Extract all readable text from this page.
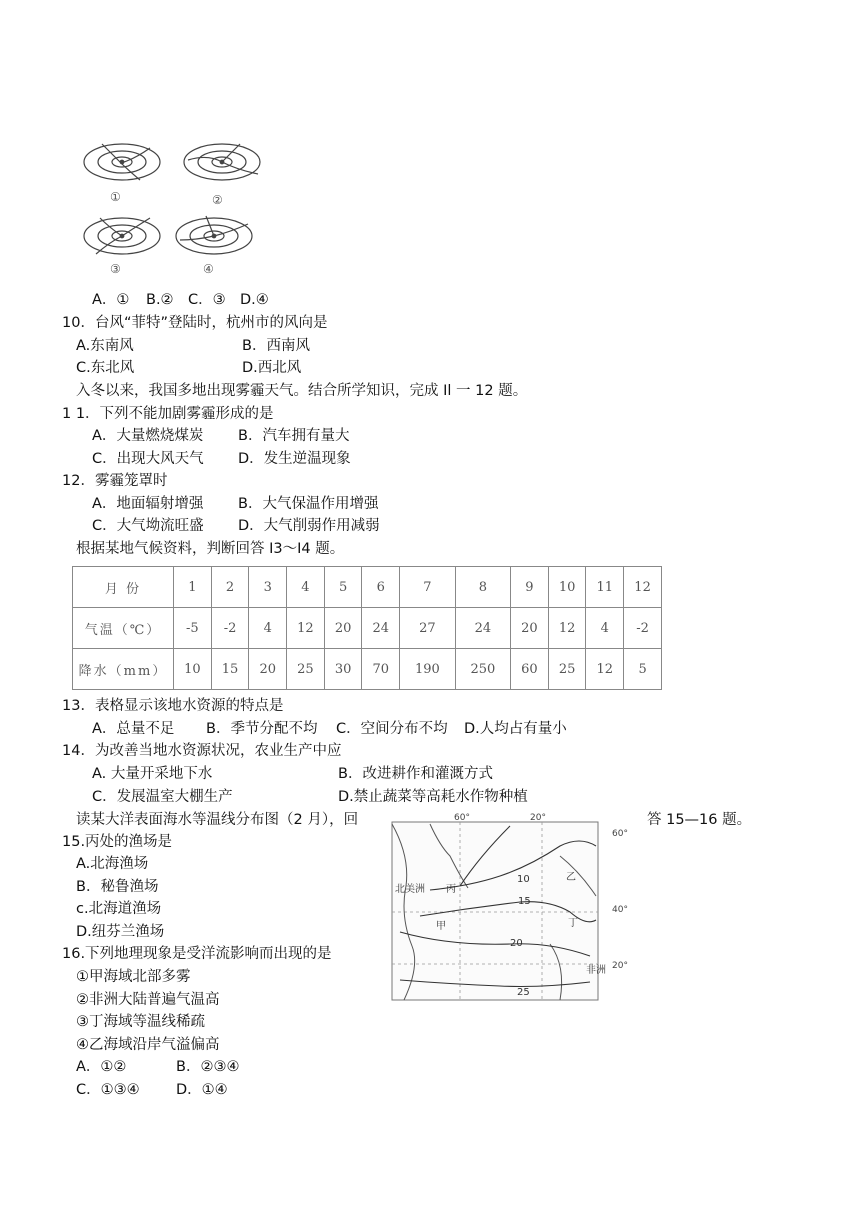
①	②
③	④
A．① B.② C．③ D.④
10．台风“菲特”登陆时，杭州市的风向是
A.东南风	B．西南风
C.东北风	D.西北风
入冬以来，我国多地出现雾霾天气。结合所学知识，完成 Il 一 12 题。
1 1．下列不能加剧雾霾形成的是
A．大量燃烧煤炭 B．汽车拥有量大
C．出现大风天气 D．发生逆温现象
12．雾霾笼罩时
A．地面辐射增强 B．大气保温作用增强
C．大气坳流旺盛 D．大气削弱作用减弱
根据某地气候资料，判断回答 I3～I4 题。
月 份	1	2	3	4	5	6	7	8	9	10	11	12
气温（℃）	-5	-2	4	12	20	24	27	24	20	12	4	-2
降水（mm）	10	15	20	25	30	70	190	250	60	25	12	5
13．表格显示该地水资源的特点是
A．总量不足 B．季节分配不均 C．空间分布不均 D.人均占有量小
14．为改善当地水资源状况，农业生产中应
A. 大量开采地下水	B．改进耕作和灌溉方式
C．发展温室大棚生产	D.禁止蔬菜等高耗水作物种植
读某大洋表面海水等温线分布图（2 月），回	答 15—16 题。
60°	20°
60°
40°
20°
10
15
20
25
北美洲 丙
甲
乙
丁
非洲
15.丙处的渔场是
A.北海渔场
B．秘鲁渔场
c.北海道渔场
D.纽芬兰渔场
16.下列地理现象是受洋流影响而出现的是
①甲海域北部多雾
②非洲大陆普遍气温高
③丁海域等温线稀疏
④乙海域沿岸气溢偏高
A．①②	B．②③④
C．①③④	D．①④
